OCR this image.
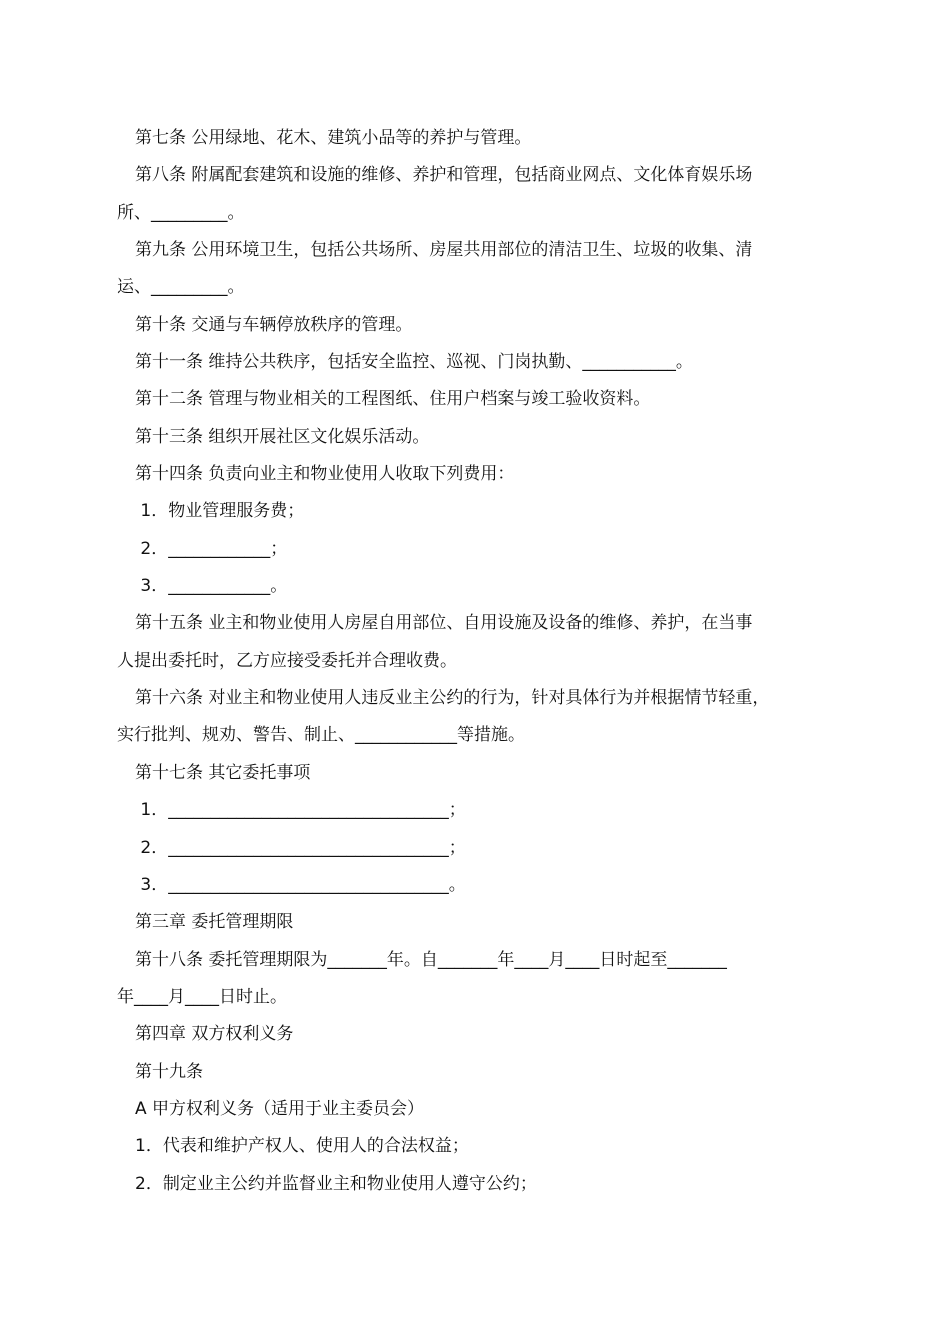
第七条 公用绿地、花木、建筑小品等的养护与管理。
第八条 附属配套建筑和设施的维修、养护和管理，包括商业网点、文化体育娱乐场
所、_________。
第九条 公用环境卫生，包括公共场所、房屋共用部位的清洁卫生、垃圾的收集、清
运、_________。
第十条 交通与车辆停放秩序的管理。
第十一条 维持公共秩序，包括安全监控、巡视、门岗执勤、___________。
第十二条 管理与物业相关的工程图纸、住用户档案与竣工验收资料。
第十三条 组织开展社区文化娱乐活动。
第十四条 负责向业主和物业使用人收取下列费用：
1．物业管理服务费；
2．____________；
3．____________。
第十五条 业主和物业使用人房屋自用部位、自用设施及设备的维修、养护，在当事
人提出委托时，乙方应接受委托并合理收费。
第十六条 对业主和物业使用人违反业主公约的行为，针对具体行为并根据情节轻重，
实行批判、规劝、警告、制止、____________等措施。
第十七条 其它委托事项
1．_________________________________；
2．_________________________________；
3．_________________________________。
第三章 委托管理期限
第十八条 委托管理期限为_______年。自_______年____月____日时起至_______
年____月____日时止。
第四章 双方权利义务
第十九条
A 甲方权利义务（适用于业主委员会）
1．代表和维护产权人、使用人的合法权益；
2．制定业主公约并监督业主和物业使用人遵守公约；
